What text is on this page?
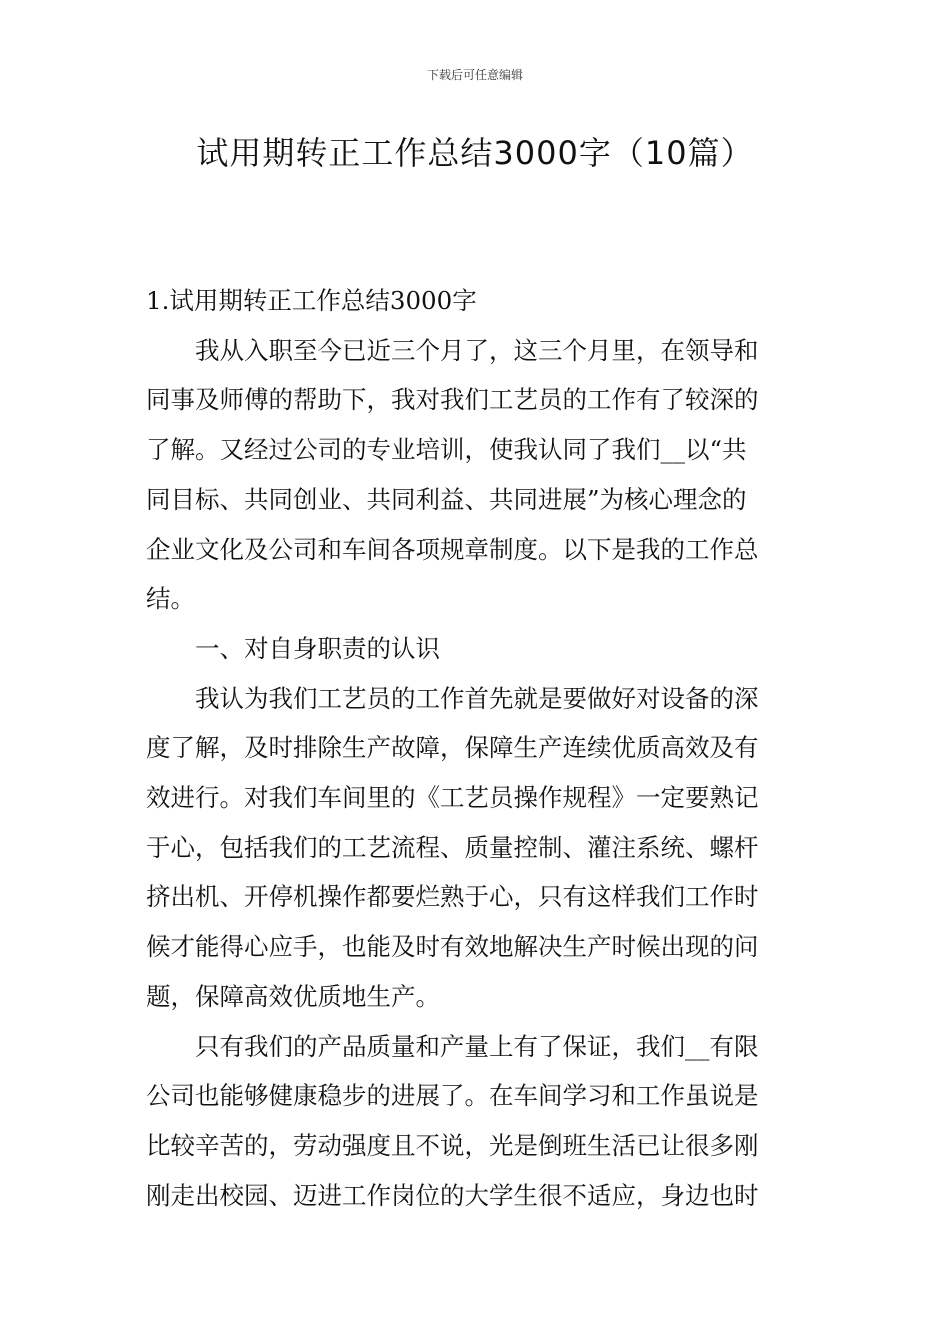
下载后可任意编辑

试用期转正工作总结3000字（10篇）

1.试用期转正工作总结3000字

　　我从入职至今已近三个月了，这三个月里，在领导和

同事及师傅的帮助下，我对我们工艺员的工作有了较深的

了解。又经过公司的专业培训，使我认同了我们__以“共

同目标、共同创业、共同利益、共同进展”为核心理念的

企业文化及公司和车间各项规章制度。以下是我的工作总

结。

　　一、对自身职责的认识

　　我认为我们工艺员的工作首先就是要做好对设备的深

度了解，及时排除生产故障，保障生产连续优质高效及有

效进行。对我们车间里的《工艺员操作规程》一定要熟记

于心，包括我们的工艺流程、质量控制、灌注系统、螺杆

挤出机、开停机操作都要烂熟于心，只有这样我们工作时

候才能得心应手，也能及时有效地解决生产时候出现的问

题，保障高效优质地生产。

　　只有我们的产品质量和产量上有了保证，我们__有限

公司也能够健康稳步的进展了。在车间学习和工作虽说是

比较辛苦的，劳动强度且不说，光是倒班生活已让很多刚

刚走出校园、迈进工作岗位的大学生很不适应，身边也时
